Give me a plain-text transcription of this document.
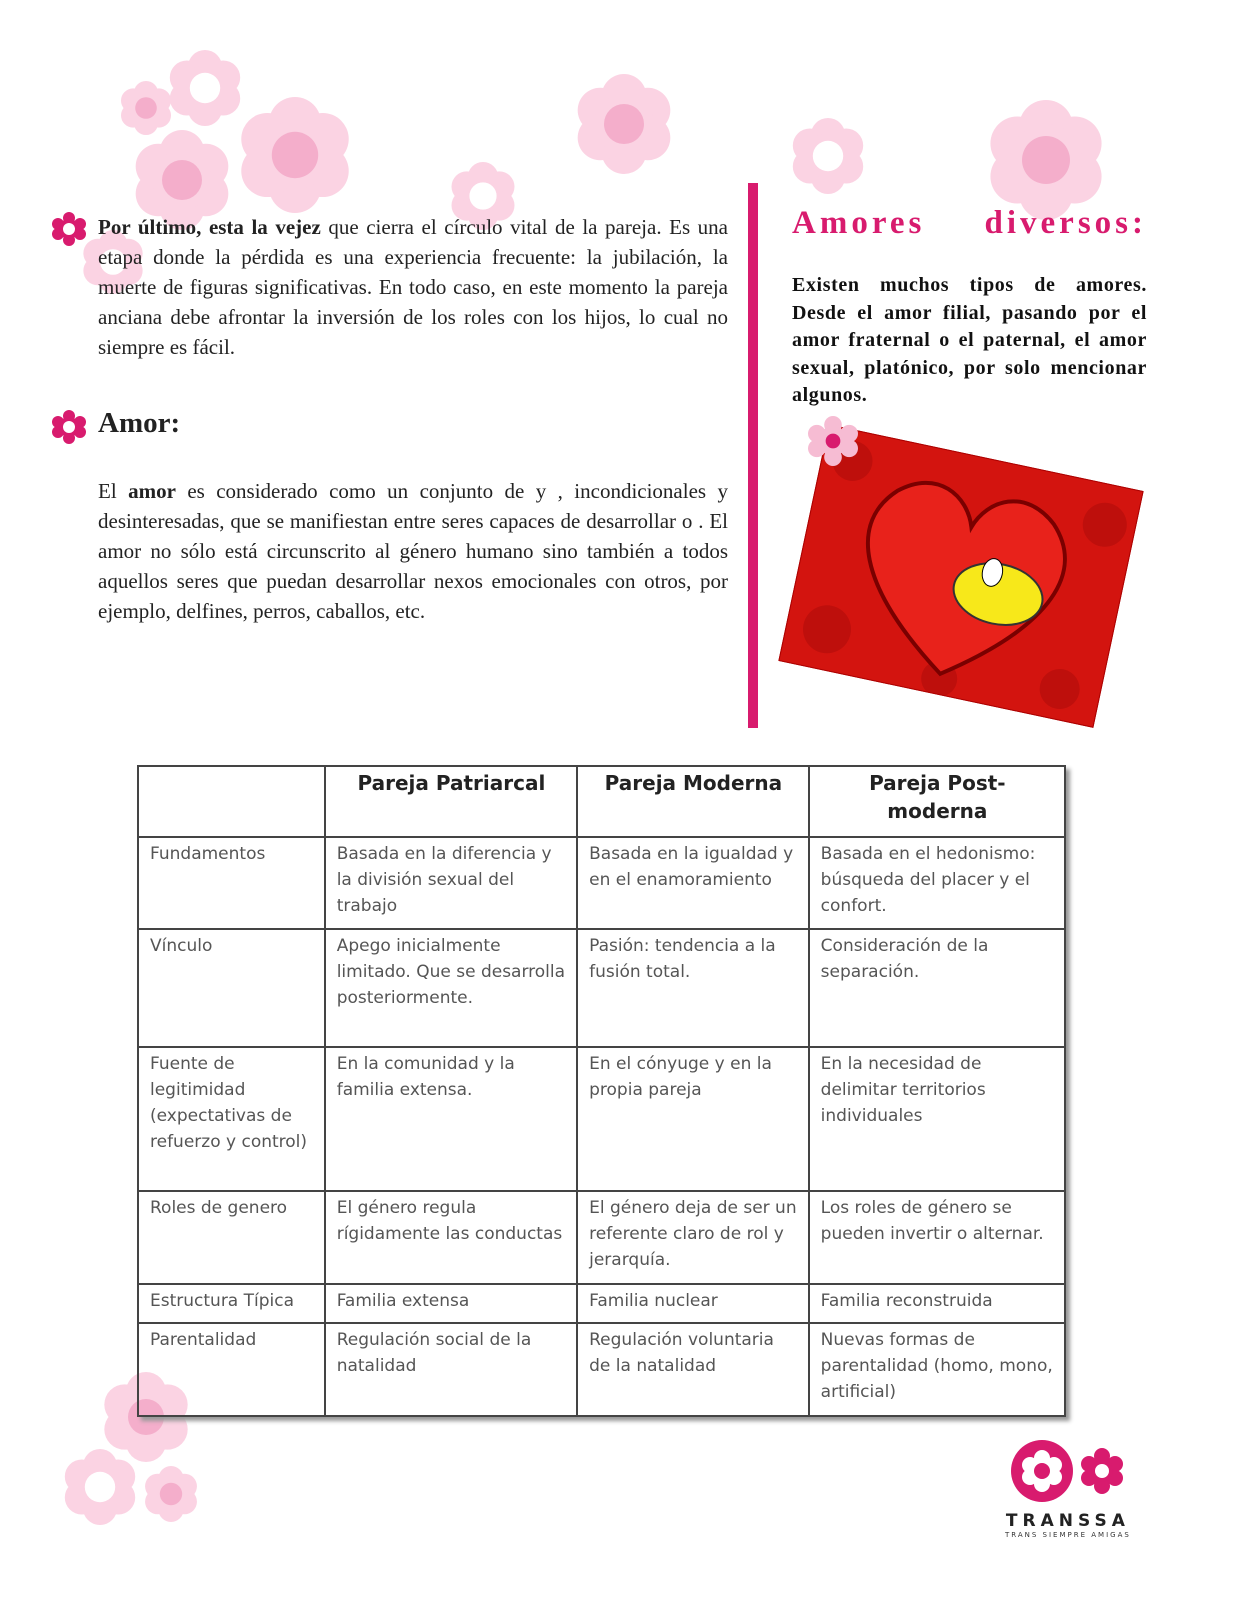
Por último, esta la vejez que cierra el círculo vital de la pareja. Es una etapa donde la pérdida es una experiencia frecuente: la jubilación, la muerte de figuras significativas. En todo caso, en este momento la pareja anciana debe afrontar la inversión de los roles con los hijos, lo cual no siempre es fácil.
Amor:
El amor es considerado como un conjunto de y , incondicionales y desinteresadas, que se manifiestan entre seres capaces de desarrollar o . El amor no sólo está circunscrito al género humano sino también a todos aquellos seres que puedan desarrollar nexos emocionales con otros, por ejemplo, delfines, perros, caballos, etc.
Amores diversos:
Existen muchos tipos de amores. Desde el amor filial, pasando por el amor fraternal o el paternal, el amor sexual, platónico, por solo mencionar algunos.
	Pareja Patriarcal	Pareja Moderna	Pareja Post-moderna
Fundamentos	Basada en la diferencia y la división sexual del trabajo	Basada en la igualdad y en el enamoramiento	Basada en el hedonismo: búsqueda del placer y el confort.
Vínculo	Apego inicialmente limitado. Que se desarrolla posteriormente.	Pasión: tendencia a la fusión total.	Consideración de la separación.
Fuente de legitimidad (expectativas de refuerzo y control)	En la comunidad y la familia extensa.	En el cónyuge y en la propia pareja	En la necesidad de delimitar territorios individuales
Roles de genero	El género regula rígidamente las conductas	El género deja de ser un referente claro de rol y jerarquía.	Los roles de género se pueden invertir o alternar.
Estructura Típica	Familia extensa	Familia nuclear	Familia reconstruida
Parentalidad	Regulación social de la natalidad	Regulación voluntaria de la natalidad	Nuevas formas de parentalidad (homo, mono, artificial)
TRANSSA
TRANS SIEMPRE AMIGAS
